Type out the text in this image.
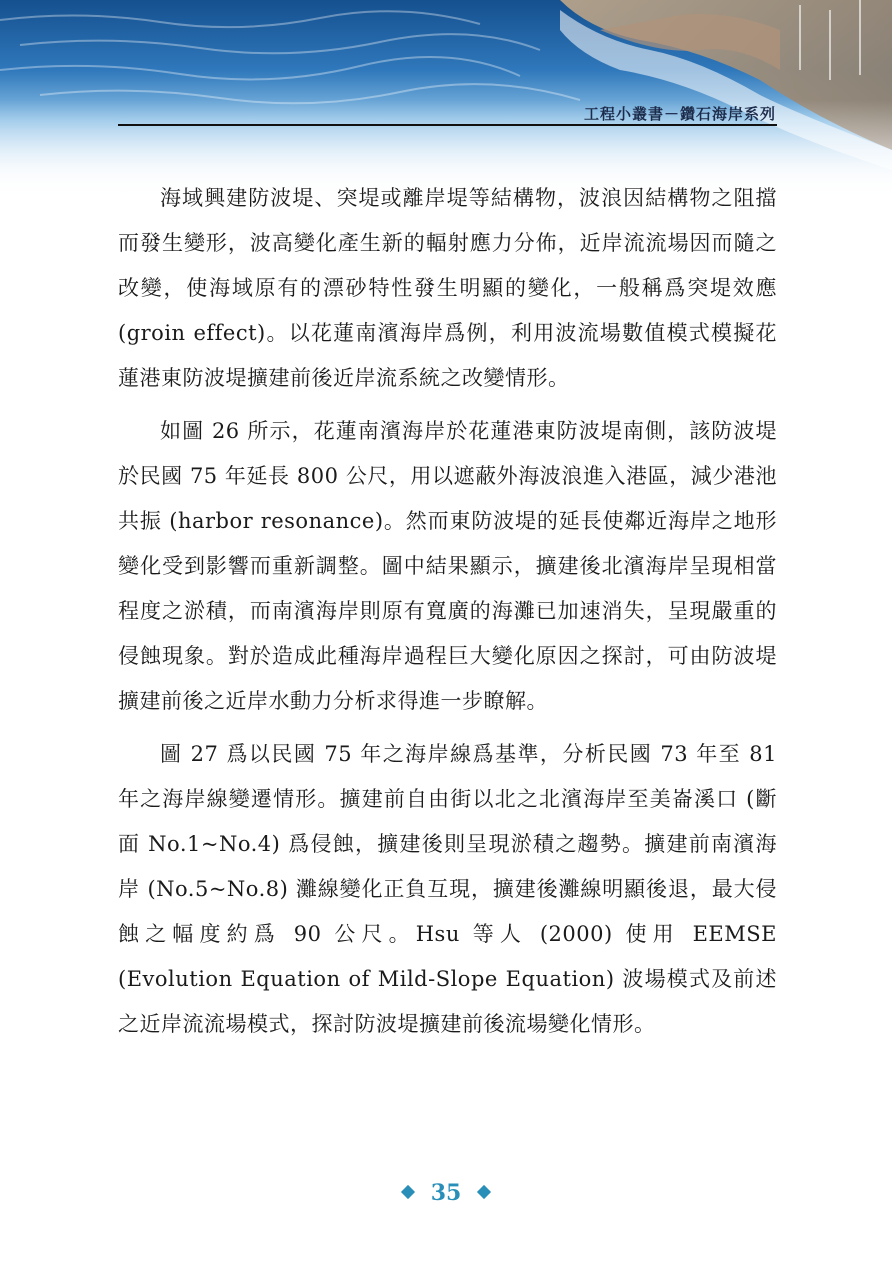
工程小叢書－鑽石海岸系列

海域興建防波堤、突堤或離岸堤等結構物，波浪因結構物之阻擋而發生變形，波高變化產生新的輻射應力分佈，近岸流流場因而隨之改變，使海域原有的漂砂特性發生明顯的變化，一般稱爲突堤效應 (groin effect)。以花蓮南濱海岸爲例，利用波流場數值模式模擬花蓮港東防波堤擴建前後近岸流系統之改變情形。

如圖 26 所示，花蓮南濱海岸於花蓮港東防波堤南側，該防波堤於民國 75 年延長 800 公尺，用以遮蔽外海波浪進入港區，減少港池共振 (harbor resonance)。然而東防波堤的延長使鄰近海岸之地形變化受到影響而重新調整。圖中結果顯示，擴建後北濱海岸呈現相當程度之淤積，而南濱海岸則原有寬廣的海灘已加速消失，呈現嚴重的侵蝕現象。對於造成此種海岸過程巨大變化原因之探討，可由防波堤擴建前後之近岸水動力分析求得進一步瞭解。

圖 27 爲以民國 75 年之海岸線爲基準，分析民國 73 年至 81 年之海岸線變遷情形。擴建前自由街以北之北濱海岸至美崙溪口 (斷面 No.1~No.4) 爲侵蝕，擴建後則呈現淤積之趨勢。擴建前南濱海岸 (No.5~No.8) 灘線變化正負互現，擴建後灘線明顯後退，最大侵蝕之幅度約爲 90 公尺。Hsu 等人 (2000) 使用 EEMSE (Evolution Equation of Mild-Slope Equation) 波場模式及前述之近岸流流場模式，探討防波堤擴建前後流場變化情形。

35
